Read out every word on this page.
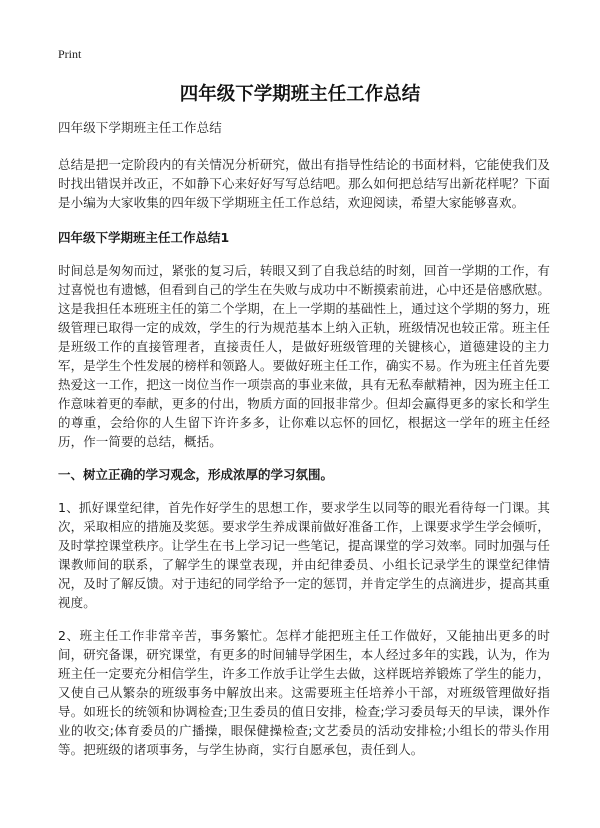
Print
四年级下学期班主任工作总结

四年级下学期班主任工作总结

总结是把一定阶段内的有关情况分析研究，做出有指导性结论的书面材料，它能使我们及时找出错误并改正，不如静下心来好好写写总结吧。那么如何把总结写出新花样呢？下面是小编为大家收集的四年级下学期班主任工作总结，欢迎阅读，希望大家能够喜欢。

四年级下学期班主任工作总结1

时间总是匆匆而过，紧张的复习后，转眼又到了自我总结的时刻，回首一学期的工作，有过喜悦也有遗憾，但看到自己的学生在失败与成功中不断摸索前进，心中还是倍感欣慰。这是我担任本班班主任的第二个学期，在上一学期的基础性上，通过这个学期的努力，班级管理已取得一定的成效，学生的行为规范基本上纳入正轨，班级情况也较正常。班主任是班级工作的直接管理者，直接责任人，是做好班级管理的关键核心，道德建设的主力军，是学生个性发展的榜样和领路人。要做好班主任工作，确实不易。作为班主任首先要热爱这一工作，把这一岗位当作一项崇高的事业来做，具有无私奉献精神，因为班主任工作意味着更的奉献，更多的付出，物质方面的回报非常少。但却会赢得更多的家长和学生的尊重，会给你的人生留下许许多多，让你难以忘怀的回忆，根据这一学年的班主任经历，作一简要的总结，概括。

一、树立正确的学习观念，形成浓厚的学习氛围。

1、抓好课堂纪律，首先作好学生的思想工作，要求学生以同等的眼光看待每一门课。其次，采取相应的措施及奖惩。要求学生养成课前做好准备工作，上课要求学生学会倾听，及时掌控课堂秩序。让学生在书上学习记一些笔记，提高课堂的学习效率。同时加强与任课教师间的联系，了解学生的课堂表现，并由纪律委员、小组长记录学生的课堂纪律情况，及时了解反馈。对于违纪的同学给予一定的惩罚，并肯定学生的点滴进步，提高其重视度。

2、班主任工作非常辛苦，事务繁忙。怎样才能把班主任工作做好，又能抽出更多的时间，研究备课，研究课堂，有更多的时间辅导学困生，本人经过多年的实践，认为，作为班主任一定要充分相信学生，许多工作放手让学生去做，这样既培养锻炼了学生的能力，又使自己从繁杂的班级事务中解放出来。这需要班主任培养小干部，对班级管理做好指导。如班长的统领和协调检查;卫生委员的值日安排，检查;学习委员每天的早读，课外作业的收交;体育委员的广播操，眼保健操检查;文艺委员的活动安排检;小组长的带头作用等。把班级的诸项事务，与学生协商，实行自愿承包，责任到人。
